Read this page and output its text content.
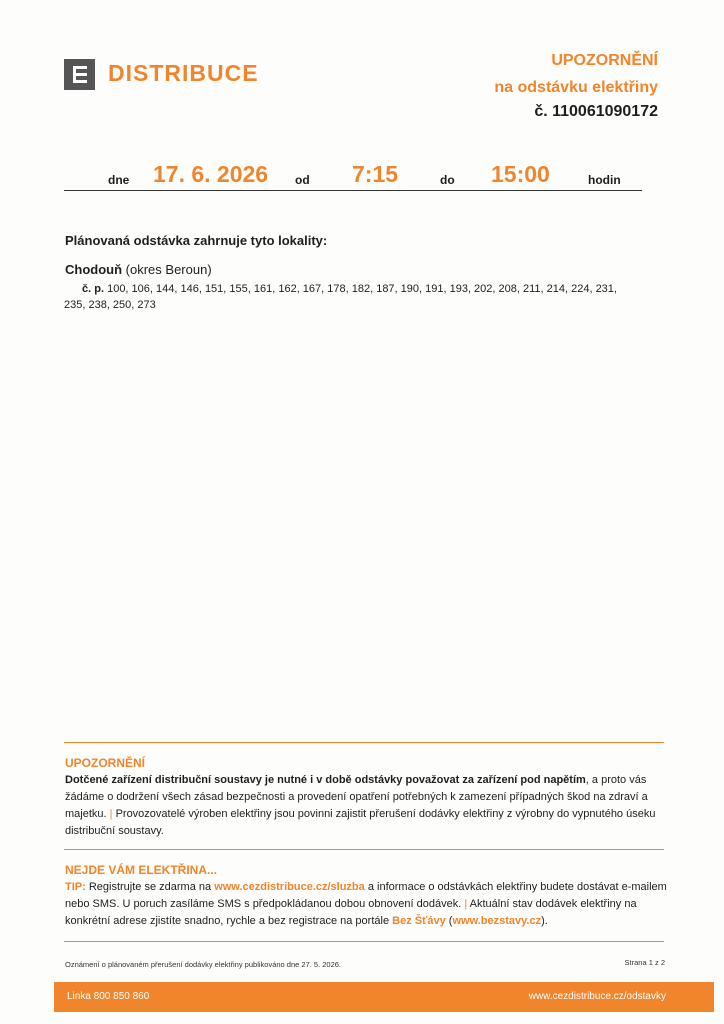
DISTRIBUCE	UPOZORNĚNÍ
na odstávku elektřiny
č. 110061090172
dne 17. 6. 2026 od 7:15	do 15:00	hodin
Plánovaná odstávka zahrnuje tyto lokality:
Chodouň (okres Beroun)
č. p. 100, 106, 144, 146, 151, 155, 161, 162, 167, 178, 182, 187, 190, 191, 193, 202, 208, 211, 214, 224, 231,
235, 238, 250, 273
UPOZORNĚNÍ
Dotčené zařízení distribuční soustavy je nutné i v době odstávky považovat za zařízení pod napětím, a proto vás žádáme o dodržení všech zásad bezpečnosti a provedení opatření potřebných k zamezení případných škod na zdraví a majetku. | Provozovatelé výroben elektřiny jsou povinni zajistit přerušení dodávky elektřiny z výrobny do vypnutého úseku distribuční soustavy.
NEJDE VÁM ELEKTŘINA...
TIP: Registrujte se zdarma na www.cezdistribuce.cz/sluzba a informace o odstávkách elektřiny budete dostávat e-mailem nebo SMS. U poruch zasíláme SMS s předpokládanou dobou obnovení dodávek. | Aktuální stav dodávek elektřiny na konkrétní adrese zjistíte snadno, rychle a bez registrace na portále Bez Šťávy (www.bezstavy.cz).
Oznámení o plánovaném přerušení dodávky elektřiny publikováno dne 27. 5. 2026.	Strana 1 z 2
Linka 800 850 860	www.cezdistribuce.cz/odstavky
